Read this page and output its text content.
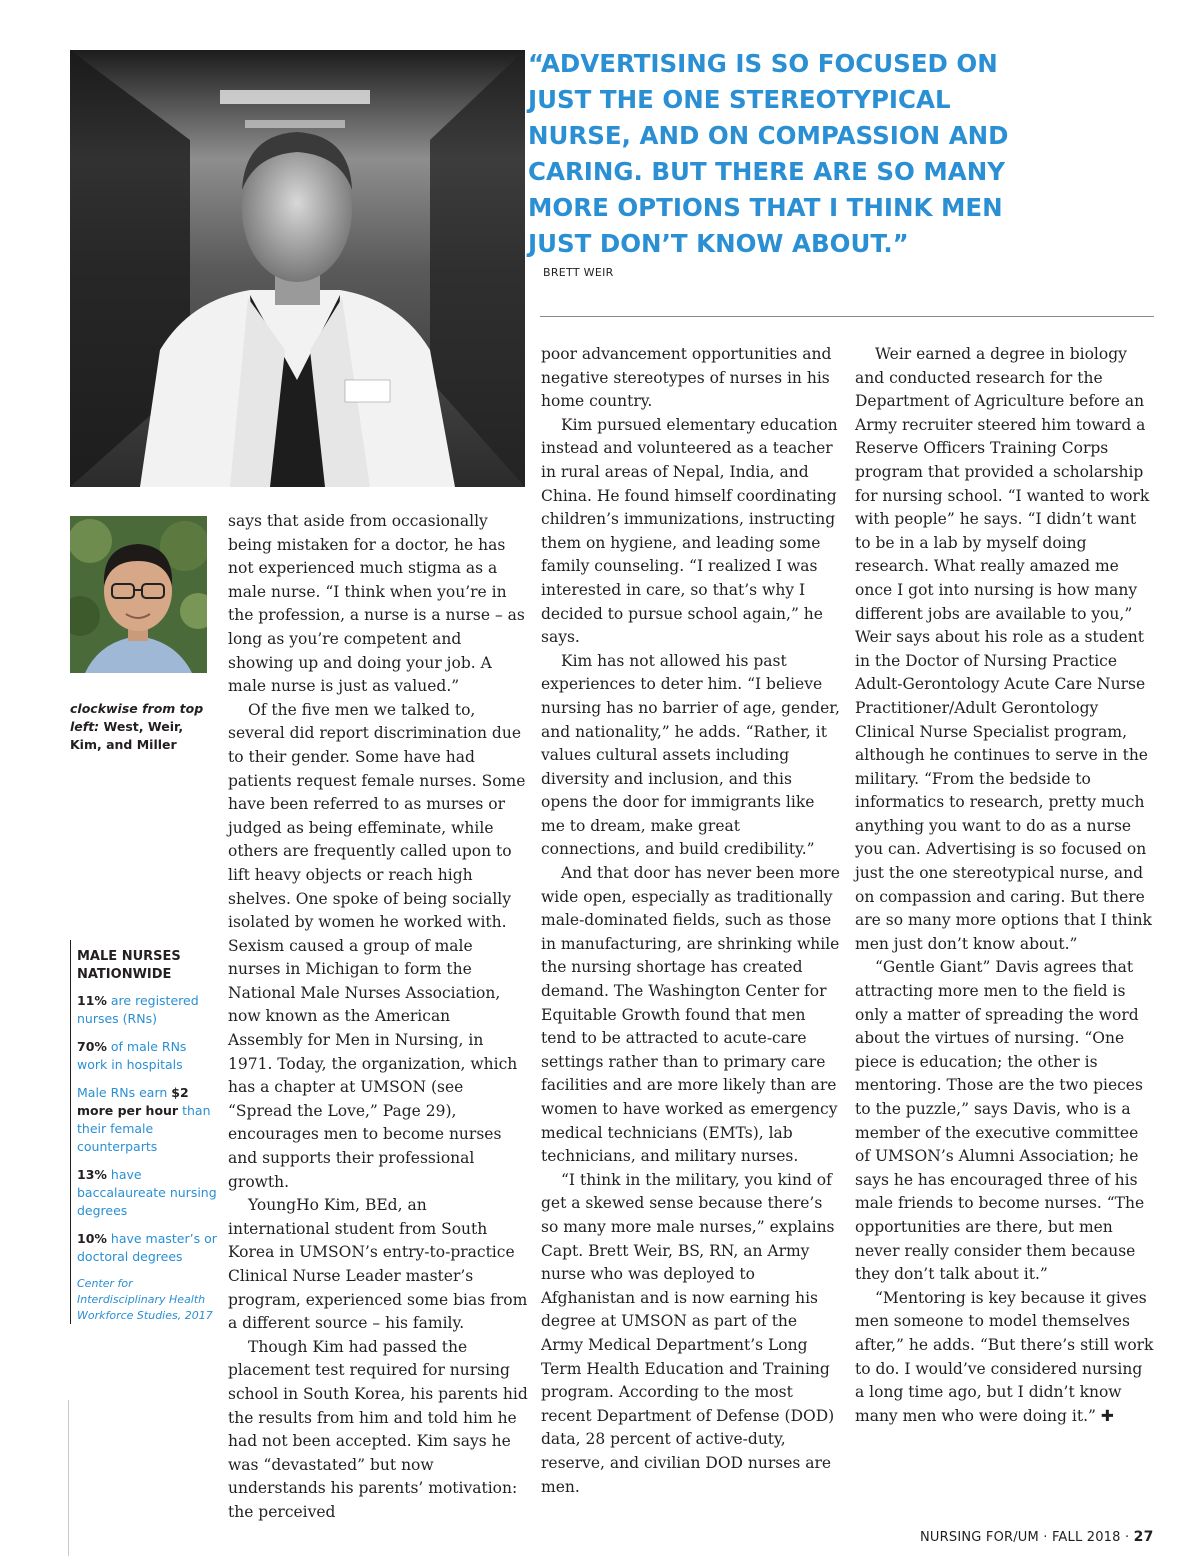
clockwise from top left: West, Weir, Kim, and Miller
MALE NURSES NATIONWIDE
11% are registered nurses (RNs)
70% of male RNs work in hospitals
Male RNs earn $2 more per hour than their female counterparts
13% have baccalaureate nursing degrees
10% have master’s or doctoral degrees
Center for Interdisciplinary Health Workforce Studies, 2017
“ADVERTISING IS SO FOCUSED ON JUST THE ONE STEREOTYPICAL NURSE, AND ON COMPASSION AND CARING. BUT THERE ARE SO MANY MORE OPTIONS THAT I THINK MEN JUST DON’T KNOW ABOUT.”
BRETT WEIR

says that aside from occasionally being mistaken for a doctor, he has not experienced much stigma as a male nurse. “I think when you’re in the profession, a nurse is a nurse – as long as you’re competent and showing up and doing your job. A male nurse is just as valued.”

Of the five men we talked to, several did report discrimination due to their gender. Some have had patients request female nurses. Some have been referred to as murses or judged as being effeminate, while others are frequently called upon to lift heavy objects or reach high shelves. One spoke of being socially isolated by women he worked with. Sexism caused a group of male nurses in Michigan to form the National Male Nurses Association, now known as the American Assembly for Men in Nursing, in 1971. Today, the organization, which has a chapter at UMSON (see “Spread the Love,” Page 29), encourages men to become nurses and supports their professional growth.

YoungHo Kim, BEd, an international student from South Korea in UMSON’s entry-to-practice Clinical Nurse Leader master’s program, experienced some bias from a different source – his family.

Though Kim had passed the placement test required for nursing school in South Korea, his parents hid the results from him and told him he had not been accepted. Kim says he was “devastated” but now understands his parents’ motivation: the perceived

poor advancement opportunities and negative stereotypes of nurses in his home country.

Kim pursued elementary education instead and volunteered as a teacher in rural areas of Nepal, India, and China. He found himself coordinating children’s immunizations, instructing them on hygiene, and leading some family counseling. “I realized I was interested in care, so that’s why I decided to pursue school again,” he says.

Kim has not allowed his past experiences to deter him. “I believe nursing has no barrier of age, gender, and nationality,” he adds. “Rather, it values cultural assets including diversity and inclusion, and this opens the door for immigrants like me to dream, make great connections, and build credibility.”

And that door has never been more wide open, especially as traditionally male-dominated fields, such as those in manufacturing, are shrinking while the nursing shortage has created demand. The Washington Center for Equitable Growth found that men tend to be attracted to acute-care settings rather than to primary care facilities and are more likely than are women to have worked as emergency medical technicians (EMTs), lab technicians, and military nurses.

“I think in the military, you kind of get a skewed sense because there’s so many more male nurses,” explains Capt. Brett Weir, BS, RN, an Army nurse who was deployed to Afghanistan and is now earning his degree at UMSON as part of the Army Medical Department’s Long Term Health Education and Training program. According to the most recent Department of Defense (DOD) data, 28 percent of active-duty, reserve, and civilian DOD nurses are men.

Weir earned a degree in biology and conducted research for the Department of Agriculture before an Army recruiter steered him toward a Reserve Officers Training Corps program that provided a scholarship for nursing school. “I wanted to work with people” he says. “I didn’t want to be in a lab by myself doing research. What really amazed me once I got into nursing is how many different jobs are available to you,” Weir says about his role as a student in the Doctor of Nursing Practice Adult-Gerontology Acute Care Nurse Practitioner/Adult Gerontology Clinical Nurse Specialist program, although he continues to serve in the military. “From the bedside to informatics to research, pretty much anything you want to do as a nurse you can. Advertising is so focused on just the one stereotypical nurse, and on compassion and caring. But there are so many more options that I think men just don’t know about.”

“Gentle Giant” Davis agrees that attracting more men to the field is only a matter of spreading the word about the virtues of nursing. “One piece is education; the other is mentoring. Those are the two pieces to the puzzle,” says Davis, who is a member of the executive committee of UMSON’s Alumni Association; he says he has encouraged three of his male friends to become nurses. “The opportunities are there, but men never really consider them because they don’t talk about it.”

“Mentoring is key because it gives men someone to model themselves after,” he adds. “But there’s still work to do. I would’ve considered nursing a long time ago, but I didn’t know many men who were doing it.” ✚

NURSING FOR/UM · FALL 2018 · 27
